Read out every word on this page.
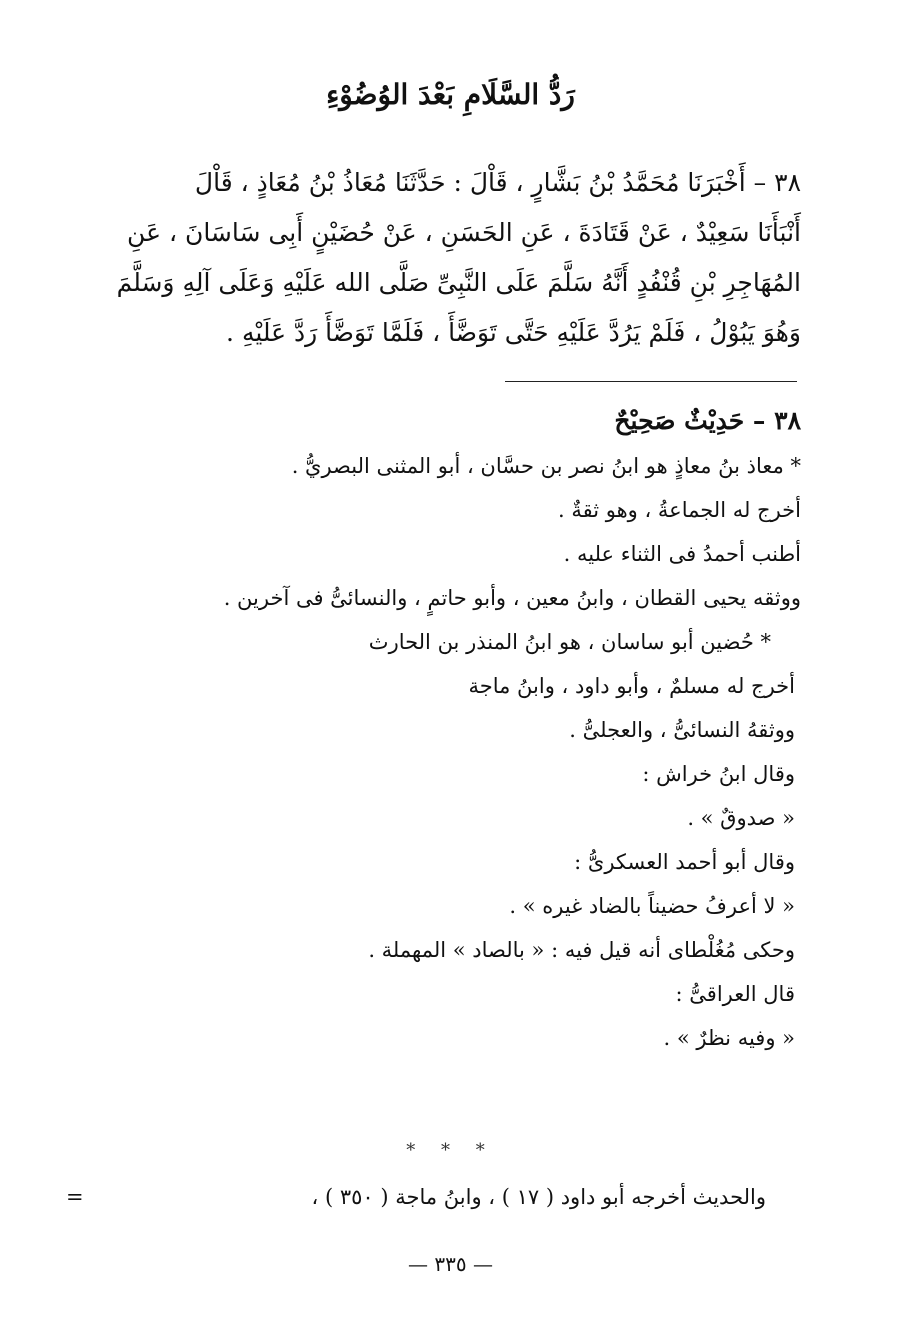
رَدُّ السَّلَامِ بَعْدَ الوُضُوْءِ

٣٨ – أَخْبَرَنَا مُحَمَّدُ بْنُ بَشَّارٍ ، قَاْلَ : حَدَّثَنَا مُعَاذُ بْنُ مُعَاذٍ ، قَاْلَ

أَنْبَأَنَا سَعِيْدٌ ، عَنْ قَتَادَةَ ، عَنِ الحَسَنِ ، عَنْ حُضَيْنٍ أَبِى سَاسَانَ ، عَنِ

المُهَاجِرِ بْنِ قُنْفُدٍ أَنَّهُ سَلَّمَ عَلَى النَّبِىِّ صَلَّى الله عَلَيْهِ وَعَلَى آلِهِ وَسَلَّمَ

وَهُوَ يَبُوْلُ ، فَلَمْ يَرُدَّ عَلَيْهِ حَتَّى تَوَضَّأَ ، فَلَمَّا تَوَضَّأَ رَدَّ عَلَيْهِ .

٣٨ – حَدِيْثٌ صَحِيْحٌ
* معاذ بنُ معاذٍ هو ابنُ نصر بن حسَّان ، أبو المثنى البصريُّ .
أخرج له الجماعةُ ، وهو ثقةٌ .
أطنب أحمدُ فى الثناء عليه .
ووثقه يحيى القطان ، وابنُ معين ، وأبو حاتمٍ ، والنسائىُّ فى آخرين .
* حُضين أبو ساسان ، هو ابنُ المنذر بن الحارث
أخرج له مسلمٌ ، وأبو داود ، وابنُ ماجة
ووثقهُ النسائىُّ ، والعجلىُّ .
وقال ابنُ خراش :
« صدوقٌ » .
وقال أبو أحمد العسكرىُّ :
« لا أعرفُ حضيناً بالضاد غيره » .
وحكى مُغُلْطاى أنه قيل فيه : « بالصاد » المهملة .
قال العراقىُّ :
« وفيه نظرٌ » .
* * *
والحديث أخرجه أبو داود ( ١٧ ) ، وابنُ ماجة ( ٣٥٠ ) ،
=
— ٣٣٥ —
